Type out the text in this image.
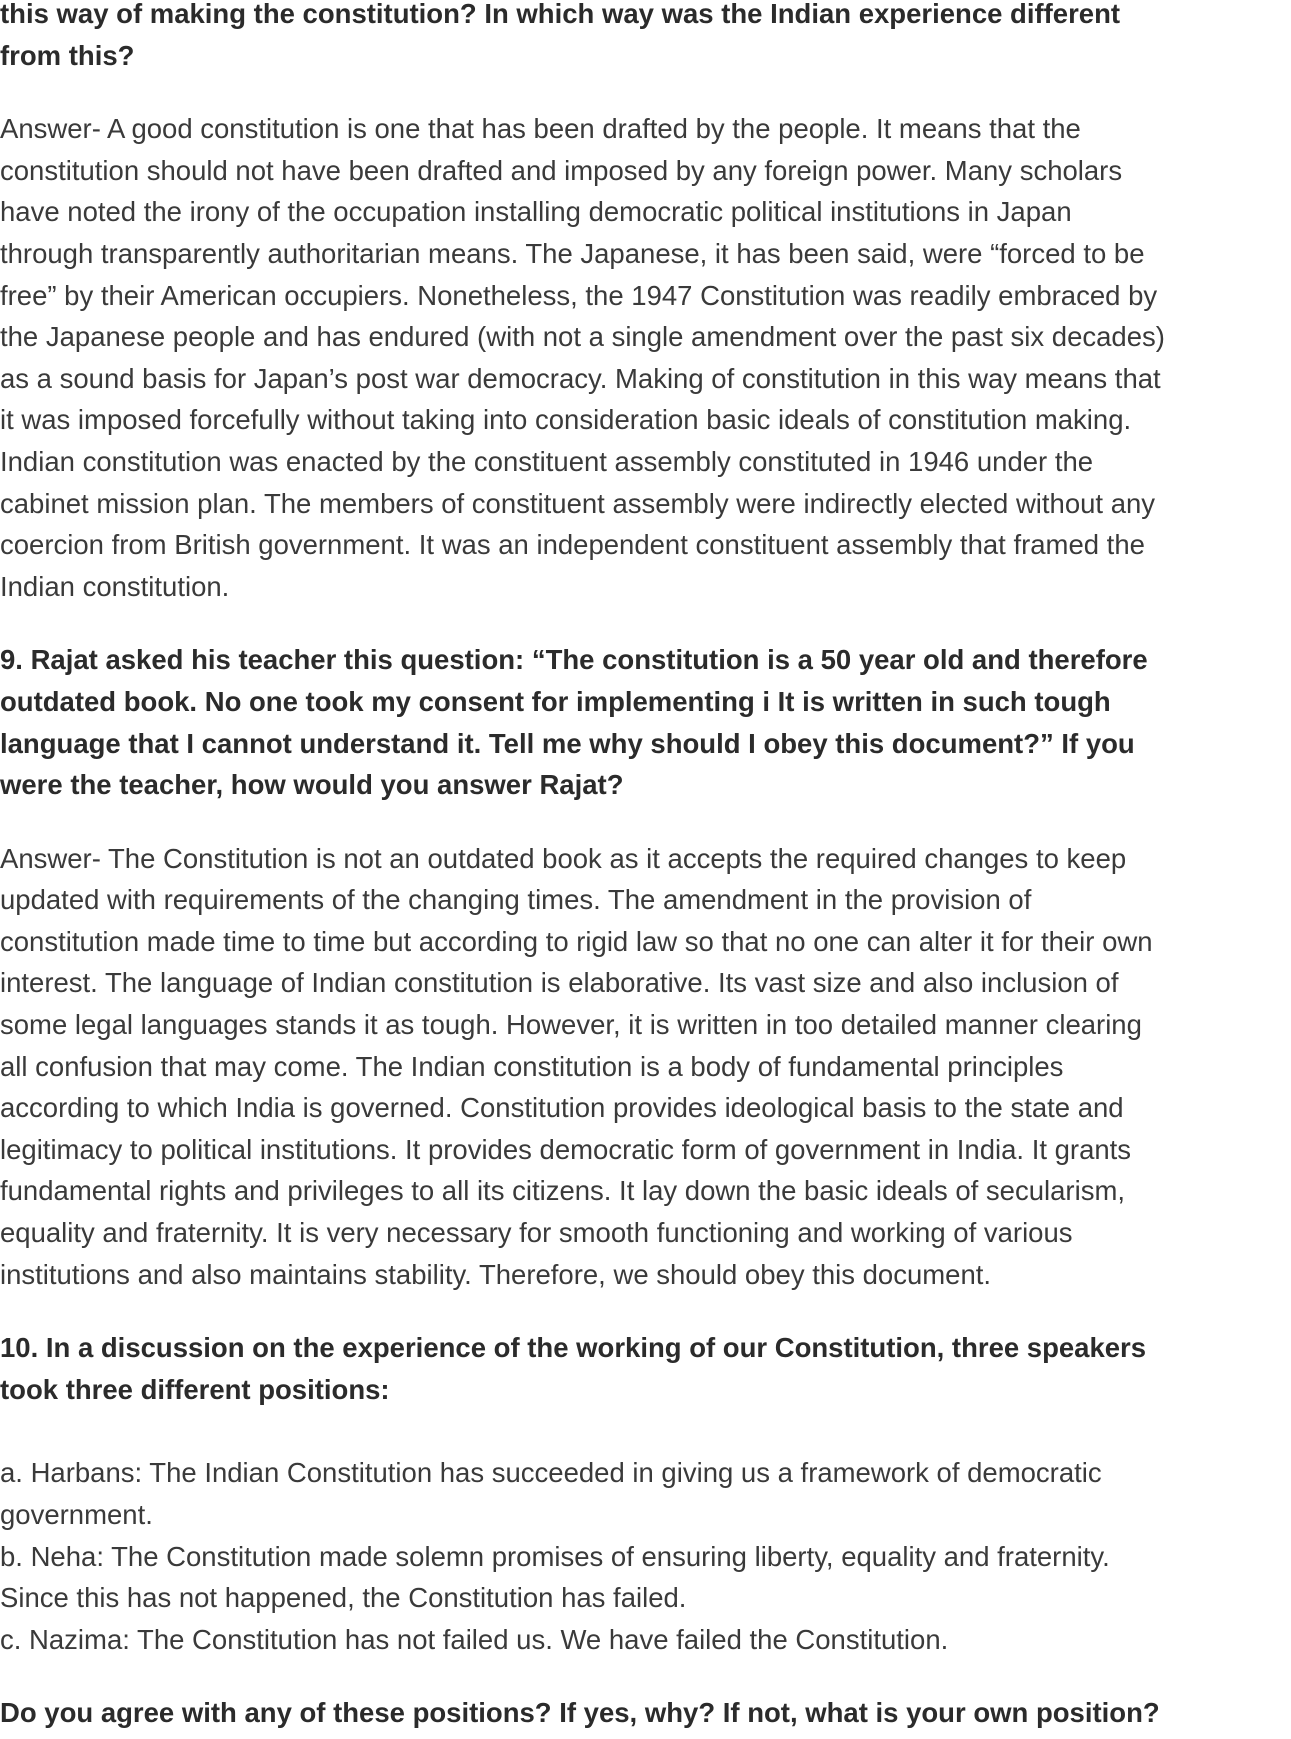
this way of making the constitution? In which way was the Indian experience different from this?

Answer- A good constitution is one that has been drafted by the people. It means that the constitution should not have been drafted and imposed by any foreign power. Many scholars have noted the irony of the occupation installing democratic political institutions in Japan through transparently authoritarian means. The Japanese, it has been said, were “forced to be free” by their American occupiers. Nonetheless, the 1947 Constitution was readily embraced by the Japanese people and has endured (with not a single amendment over the past six decades) as a sound basis for Japan’s post war democracy. Making of constitution in this way means that it was imposed forcefully without taking into consideration basic ideals of constitution making. Indian constitution was enacted by the constituent assembly constituted in 1946 under the cabinet mission plan. The members of constituent assembly were indirectly elected without any coercion from British government. It was an independent constituent assembly that framed the Indian constitution.

9. Rajat asked his teacher this question: “The constitution is a 50 year old and therefore outdated book. No one took my consent for implementing i It is written in such tough language that I cannot understand it. Tell me why should I obey this document?” If you were the teacher, how would you answer Rajat?

Answer- The Constitution is not an outdated book as it accepts the required changes to keep updated with requirements of the changing times. The amendment in the provision of constitution made time to time but according to rigid law so that no one can alter it for their own interest. The language of Indian constitution is elaborative. Its vast size and also inclusion of some legal languages stands it as tough. However, it is written in too detailed manner clearing all confusion that may come. The Indian constitution is a body of fundamental principles according to which India is governed. Constitution provides ideological basis to the state and legitimacy to political institutions. It provides democratic form of government in India. It grants fundamental rights and privileges to all its citizens. It lay down the basic ideals of secularism, equality and fraternity. It is very necessary for smooth functioning and working of various institutions and also maintains stability. Therefore, we should obey this document.

10. In a discussion on the experience of the working of our Constitution, three speakers took three different positions:

a. Harbans: The Indian Constitution has succeeded in giving us a framework of democratic government.

b. Neha: The Constitution made solemn promises of ensuring liberty, equality and fraternity. Since this has not happened, the Constitution has failed.

c. Nazima: The Constitution has not failed us. We have failed the Constitution.

Do you agree with any of these positions? If yes, why? If not, what is your own position?
